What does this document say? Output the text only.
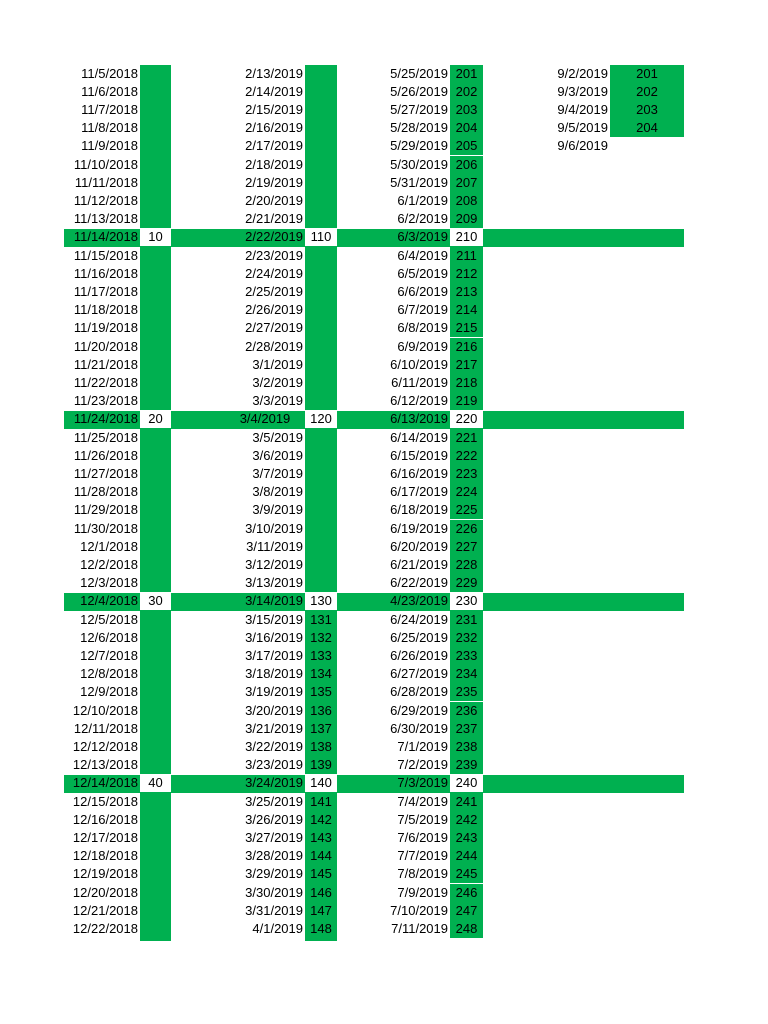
11/5/2018
11/6/2018
11/7/2018
11/8/2018
11/9/2018
11/10/2018
11/11/2018
11/12/2018
11/13/2018
11/14/2018 10
11/15/2018
11/16/2018
11/17/2018
11/18/2018
11/19/2018
11/20/2018
11/21/2018
11/22/2018
11/23/2018
11/24/2018 20
11/25/2018
11/26/2018
11/27/2018
11/28/2018
11/29/2018
11/30/2018
12/1/2018
12/2/2018
12/3/2018
12/4/2018 30
12/5/2018
12/6/2018
12/7/2018
12/8/2018
12/9/2018
12/10/2018
12/11/2018
12/12/2018
12/13/2018
12/14/2018 40
12/15/2018
12/16/2018
12/17/2018
12/18/2018
12/19/2018
12/20/2018
12/21/2018
12/22/2018
2/13/2019
2/14/2019
2/15/2019
2/16/2019
2/17/2019
2/18/2019
2/19/2019
2/20/2019
2/21/2019
2/22/2019 110
2/23/2019
2/24/2019
2/25/2019
2/26/2019
2/27/2019
2/28/2019
3/1/2019
3/2/2019
3/3/2019
3/4/2019	120
3/5/2019
3/6/2019
3/7/2019
3/8/2019
3/9/2019
3/10/2019
3/11/2019
3/12/2019
3/13/2019
3/14/2019 130
3/15/2019 131
3/16/2019 132
3/17/2019 133
3/18/2019 134
3/19/2019 135
3/20/2019 136
3/21/2019 137
3/22/2019 138
3/23/2019 139
3/24/2019 140
3/25/2019 141
3/26/2019 142
3/27/2019 143
3/28/2019 144
3/29/2019 145
3/30/2019 146
3/31/2019 147
4/1/2019 148
5/25/2019 201
5/26/2019 202
5/27/2019 203
5/28/2019 204
5/29/2019 205
5/30/2019 206
5/31/2019 207
6/1/2019 208
6/2/2019 209
6/3/2019 210
6/4/2019 211
6/5/2019 212
6/6/2019 213
6/7/2019 214
6/8/2019 215
6/9/2019 216
6/10/2019 217
6/11/2019 218
6/12/2019 219
6/13/2019 220
6/14/2019 221
6/15/2019 222
6/16/2019 223
6/17/2019 224
6/18/2019 225
6/19/2019 226
6/20/2019 227
6/21/2019 228
6/22/2019 229
4/23/2019 230
6/24/2019 231
6/25/2019 232
6/26/2019 233
6/27/2019 234
6/28/2019 235
6/29/2019 236
6/30/2019 237
7/1/2019 238
7/2/2019 239
7/3/2019 240
7/4/2019 241
7/5/2019 242
7/6/2019 243
7/7/2019 244
7/8/2019 245
7/9/2019 246
7/10/2019 247
7/11/2019 248
9/2/2019	201
9/3/2019	202
9/4/2019	203
9/5/2019	204
9/6/2019
